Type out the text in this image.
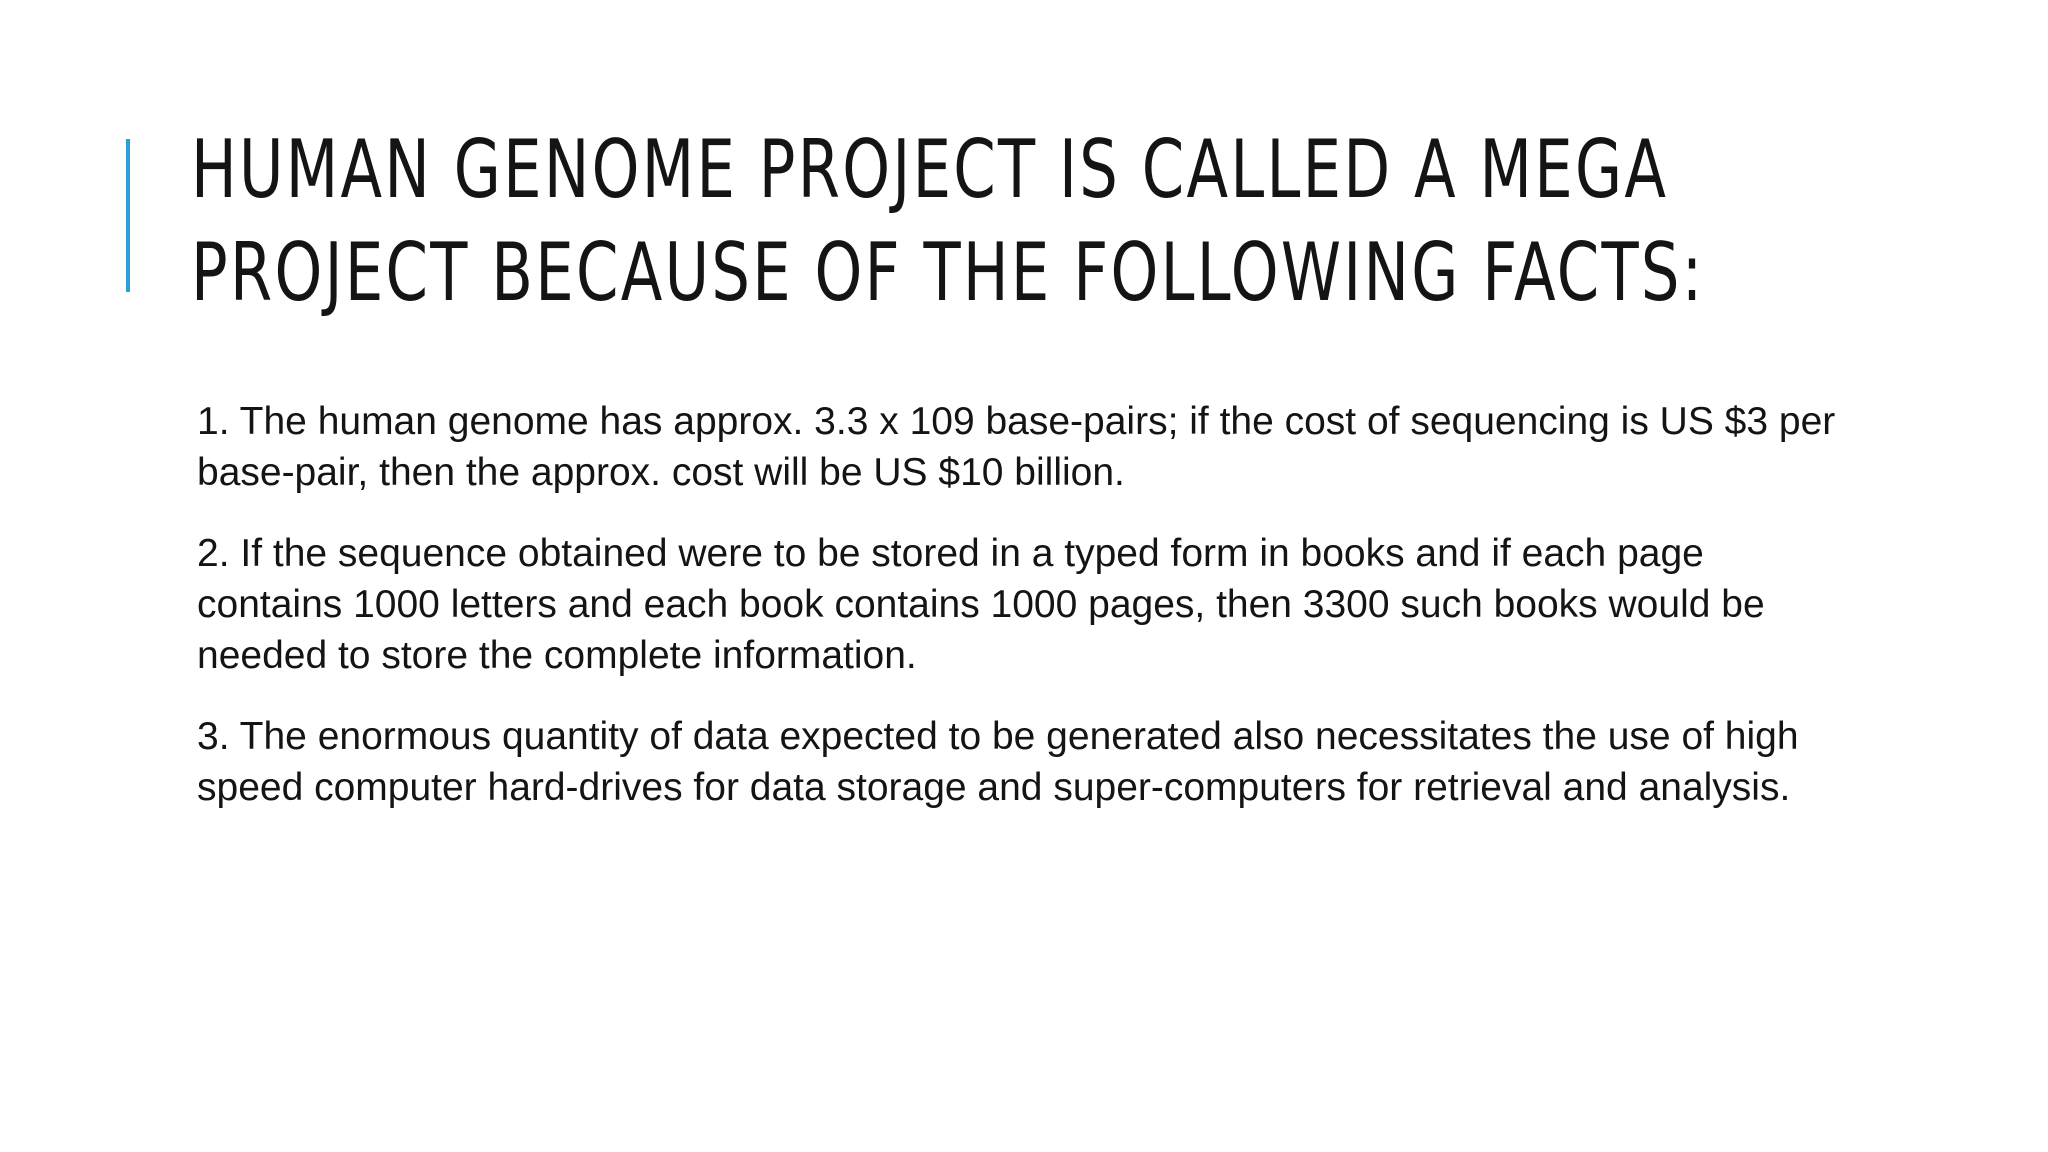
HUMAN GENOME PROJECT IS CALLED A MEGA
PROJECT BECAUSE OF THE FOLLOWING FACTS:

1. The human genome has approx. 3.3 x 109 base-pairs; if the cost of sequencing is US $3 per base-pair, then the approx. cost will be US $10 billion.

2. If the sequence obtained were to be stored in a typed form in books and if each page contains 1000 letters and each book contains 1000 pages, then 3300 such books would be needed to store the complete information.

3. The enormous quantity of data expected to be generated also necessitates the use of high speed computer hard-drives for data storage and super-computers for retrieval and analysis.
